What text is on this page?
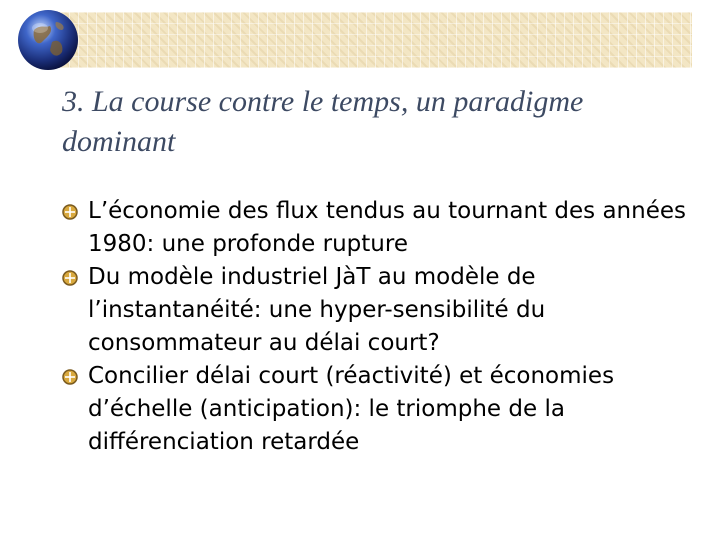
3. La course contre le temps, un paradigme dominant
L’économie des flux tendus au tournant des années 1980: une profonde rupture
Du modèle industriel JàT au modèle de l’instantanéité: une hyper-sensibilité du consommateur au délai court?
Concilier délai court (réactivité) et économies d’échelle (anticipation): le triomphe de la différenciation retardée
